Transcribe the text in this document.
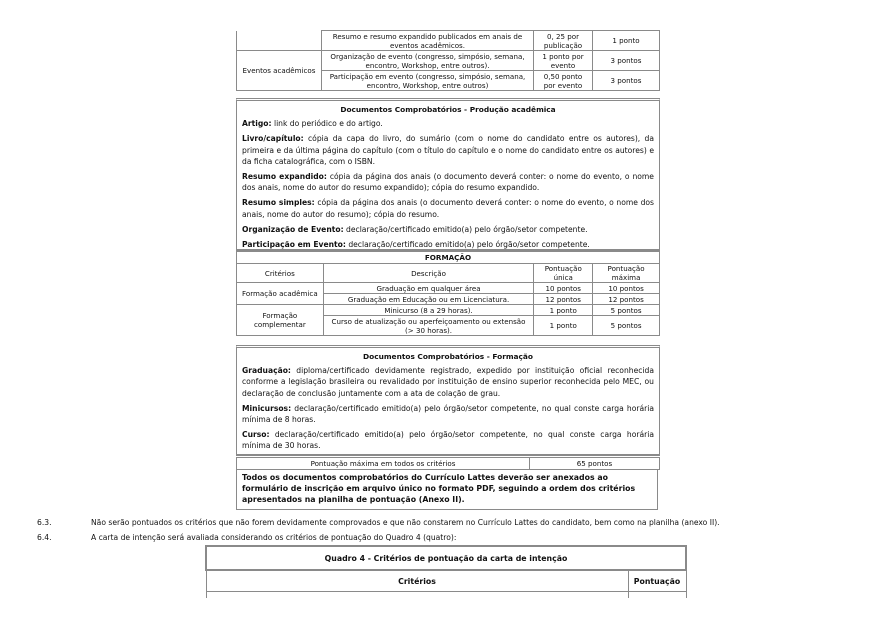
	Resumo e resumo expandido publicados em anais de eventos acadêmicos.	0, 25 por publicação	1 ponto
Eventos acadêmicos	Organização de evento (congresso, simpósio, semana, encontro, Workshop, entre outros).	1 ponto por evento	3 pontos
	Participação em evento (congresso, simpósio, semana, encontro, Workshop, entre outros)	0,50 ponto por evento	3 pontos
Documentos Comprobatórios - Produção acadêmica

Artigo: link do periódico e do artigo.

Livro/capítulo: cópia da capa do livro, do sumário (com o nome do candidato entre os autores), da primeira e da última página do capítulo (com o título do capítulo e o nome do candidato entre os autores) e da ficha catalográfica, com o ISBN.

Resumo expandido: cópia da página dos anais (o documento deverá conter: o nome do evento, o nome dos anais, nome do autor do resumo expandido); cópia do resumo expandido.

Resumo simples: cópia da página dos anais (o documento deverá conter: o nome do evento, o nome dos anais, nome do autor do resumo); cópia do resumo.

Organização de Evento: declaração/certificado emitido(a) pelo órgão/setor competente.

Participação em Evento: declaração/certificado emitido(a) pelo órgão/setor competente.

FORMAÇÃO			
Critérios	Descrição	Pontuação única	Pontuação máxima
Formação acadêmica	Graduação em qualquer área	10 pontos	10 pontos
	Graduação em Educação ou em Licenciatura.	12 pontos	12 pontos
Formação complementar	Minicurso (8 a 29 horas).	1 ponto	5 pontos
	Curso de atualização ou aperfeiçoamento ou extensão (> 30 horas).	1 ponto	5 pontos
Documentos Comprobatórios - Formação

Graduação: diploma/certificado devidamente registrado, expedido por instituição oficial reconhecida conforme a legislação brasileira ou revalidado por instituição de ensino superior reconhecida pelo MEC, ou declaração de conclusão juntamente com a ata de colação de grau.

Minicursos: declaração/certificado emitido(a) pelo órgão/setor competente, no qual conste carga horária mínima de 8 horas.

Curso: declaração/certificado emitido(a) pelo órgão/setor competente, no qual conste carga horária mínima de 30 horas.

Pontuação máxima em todos os critérios	65 pontos
Todos os documentos comprobatórios do Currículo Lattes deverão ser anexados ao formulário de inscrição em arquivo único no formato PDF, seguindo a ordem dos critérios apresentados na planilha de pontuação (Anexo II).
6.3.	Não serão pontuados os critérios que não forem devidamente comprovados e que não constarem no Currículo Lattes do candidato, bem como na planilha (anexo II).
6.4.	A carta de intenção será avaliada considerando os critérios de pontuação do Quadro 4 (quatro):
Quadro 4 - Critérios de pontuação da carta de intenção	
Critérios	Pontuação
